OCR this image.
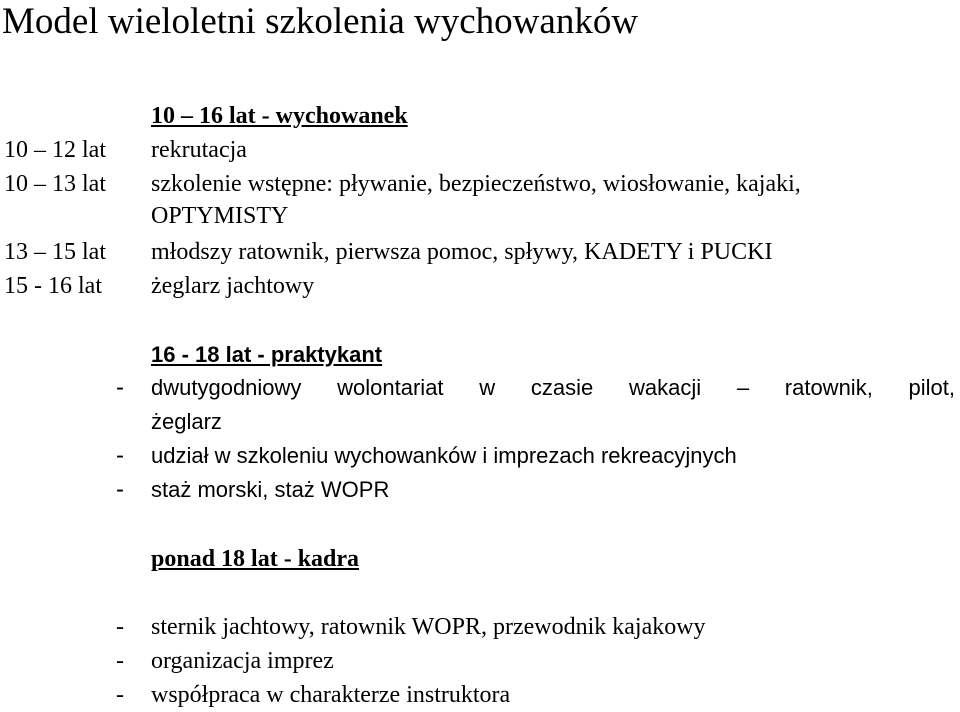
Model wieloletni szkolenia wychowanków
10 – 16 lat - wychowanek
10 – 12 lat rekrutacja
10 – 13 lat szkolenie wstępne: pływanie, bezpieczeństwo, wiosłowanie, kajaki,
OPTYMISTY
13 – 15 lat młodszy ratownik, pierwsza pomoc, spływy, KADETY i PUCKI
15 - 16 lat żeglarz jachtowy
16 - 18 lat - praktykant
- dwutygodniowy wolontariat w czasie wakacji – ratownik, pilot,
żeglarz
- udział w szkoleniu wychowanków i imprezach rekreacyjnych
- staż morski, staż WOPR
ponad 18 lat - kadra
- sternik jachtowy, ratownik WOPR, przewodnik kajakowy
- organizacja imprez
- współpraca w charakterze instruktora
